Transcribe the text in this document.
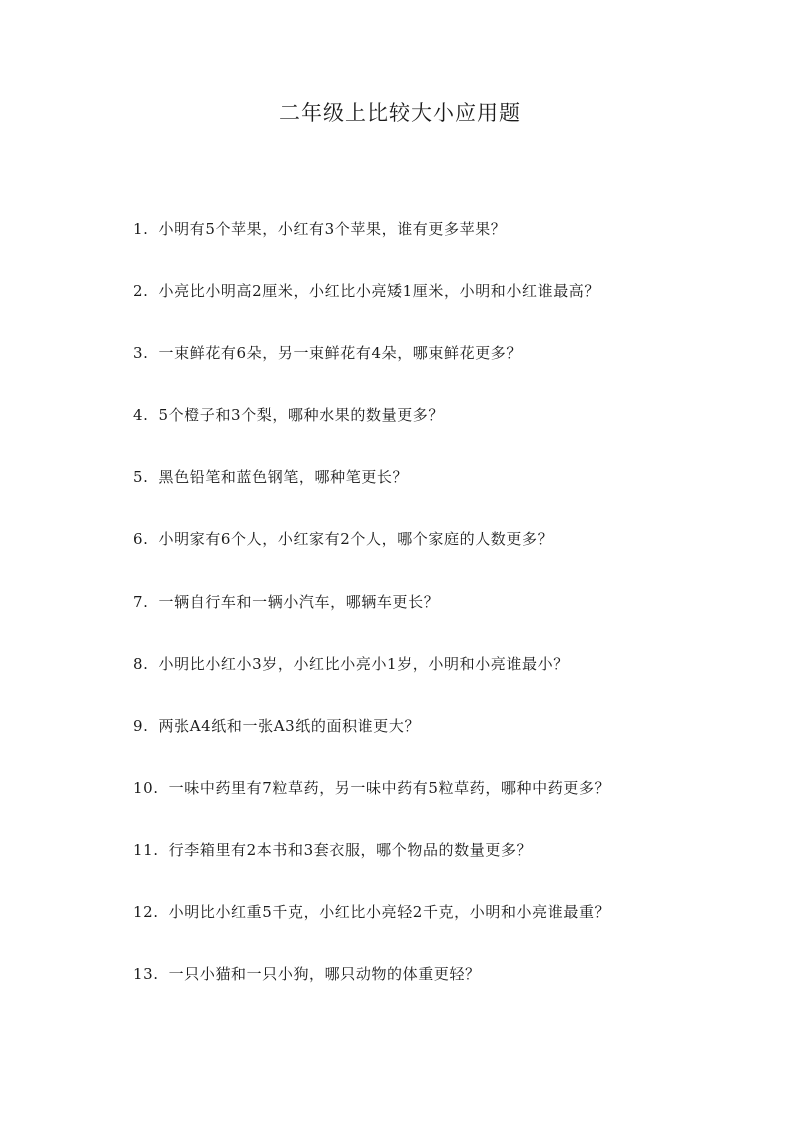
二年级上比较大小应用题
1. 小明有5个苹果，小红有3个苹果，谁有更多苹果？
2. 小亮比小明高2厘米，小红比小亮矮1厘米，小明和小红谁最高？
3. 一束鲜花有6朵，另一束鲜花有4朵，哪束鲜花更多？
4. 5个橙子和3个梨，哪种水果的数量更多？
5. 黑色铅笔和蓝色钢笔，哪种笔更长？
6. 小明家有6个人，小红家有2个人，哪个家庭的人数更多？
7. 一辆自行车和一辆小汽车，哪辆车更长？
8. 小明比小红小3岁，小红比小亮小1岁，小明和小亮谁最小？
9. 两张A4纸和一张A3纸的面积谁更大？
10. 一味中药里有7粒草药，另一味中药有5粒草药，哪种中药更多？
11. 行李箱里有2本书和3套衣服，哪个物品的数量更多？
12. 小明比小红重5千克，小红比小亮轻2千克，小明和小亮谁最重？
13. 一只小猫和一只小狗，哪只动物的体重更轻？
